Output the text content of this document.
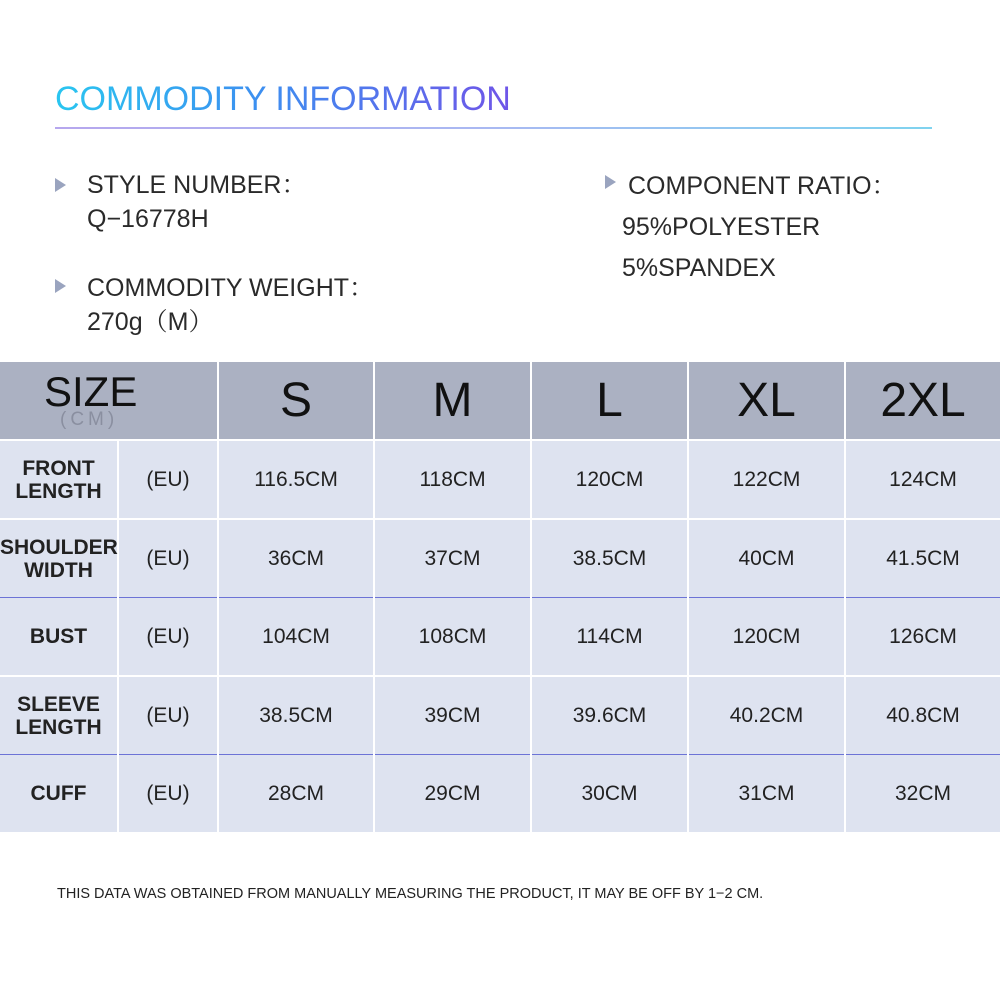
COMMODITY INFORMATION
STYLE NUMBER：
Q−16778H
COMMODITY WEIGHT：
270g（M）
COMPONENT RATIO：
95%POLYESTER
5%SPANDEX
SIZE
(CM)		S	M	L	XL	2XL
FRONT
LENGTH	(EU)	116.5CM	118CM	120CM	122CM	124CM
SHOULDER
WIDTH	(EU)	36CM	37CM	38.5CM	40CM	41.5CM
BUST	(EU)	104CM	108CM	114CM	120CM	126CM
SLEEVE
LENGTH	(EU)	38.5CM	39CM	39.6CM	40.2CM	40.8CM
CUFF	(EU)	28CM	29CM	30CM	31CM	32CM
THIS DATA WAS OBTAINED FROM MANUALLY MEASURING THE PRODUCT, IT MAY BE OFF BY 1−2 CM.
